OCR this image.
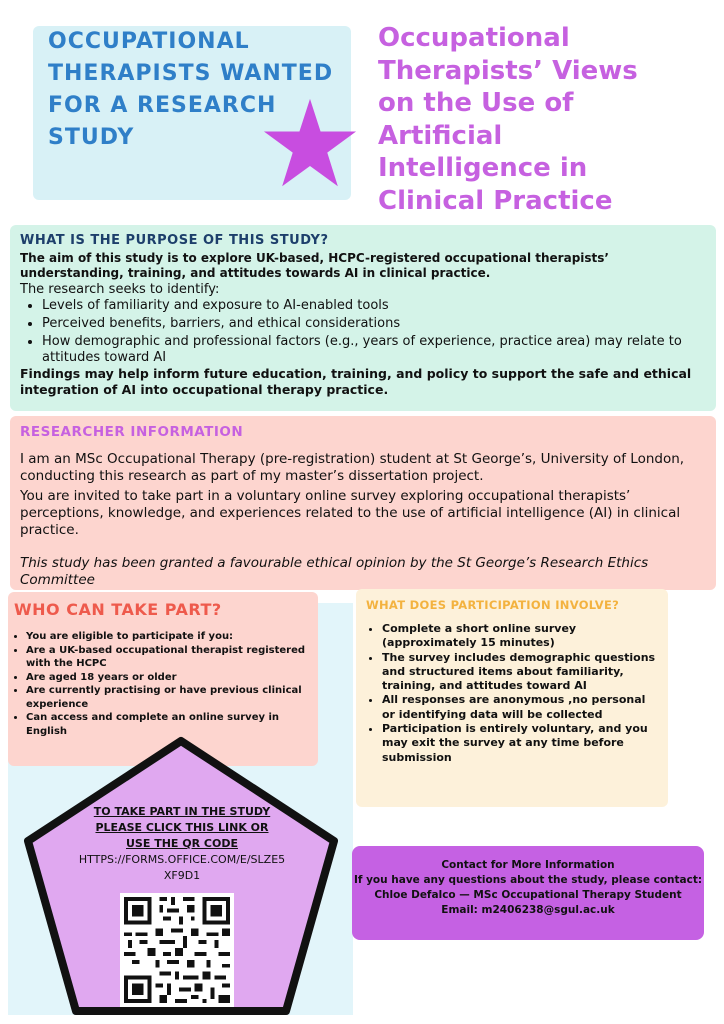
OCCUPATIONAL
THERAPISTS WANTED
FOR A RESEARCH
STUDY
Occupational
Therapists’ Views
on the Use of
Artificial
Intelligence in
Clinical Practice
WHAT IS THE PURPOSE OF THIS STUDY?
The aim of this study is to explore UK-based, HCPC-registered occupational therapists’ understanding, training, and attitudes towards AI in clinical practice.
The research seeks to identify:
• Levels of familiarity and exposure to AI-enabled tools
• Perceived benefits, barriers, and ethical considerations
• How demographic and professional factors (e.g., years of experience, practice area) may relate to attitudes toward AI
Findings may help inform future education, training, and policy to support the safe and ethical integration of AI into occupational therapy practice.
RESEARCHER INFORMATION
I am an MSc Occupational Therapy (pre-registration) student at St George’s, University of London, conducting this research as part of my master’s dissertation project.
You are invited to take part in a voluntary online survey exploring occupational therapists’ perceptions, knowledge, and experiences related to the use of artificial intelligence (AI) in clinical practice.
This study has been granted a favourable ethical opinion by the St George’s Research Ethics Committee
WHO CAN TAKE PART?
• You are eligible to participate if you:
• Are a UK-based occupational therapist registered with the HCPC
• Are aged 18 years or older
• Are currently practising or have previous clinical experience
• Can access and complete an online survey in English
WHAT DOES PARTICIPATION INVOLVE?
• Complete a short online survey (approximately 15 minutes)
• The survey includes demographic questions and structured items about familiarity, training, and attitudes toward AI
• All responses are anonymous ,no personal or identifying data will be collected
• Participation is entirely voluntary, and you may exit the survey at any time before submission
TO TAKE PART IN THE STUDY PLEASE CLICK THIS LINK OR USE THE QR CODE
HTTPS://FORMS.OFFICE.COM/E/SLZE5XF9D1
Contact for More Information
If you have any questions about the study, please contact:
Chloe Defalco — MSc Occupational Therapy Student
Email: m2406238@sgul.ac.uk
